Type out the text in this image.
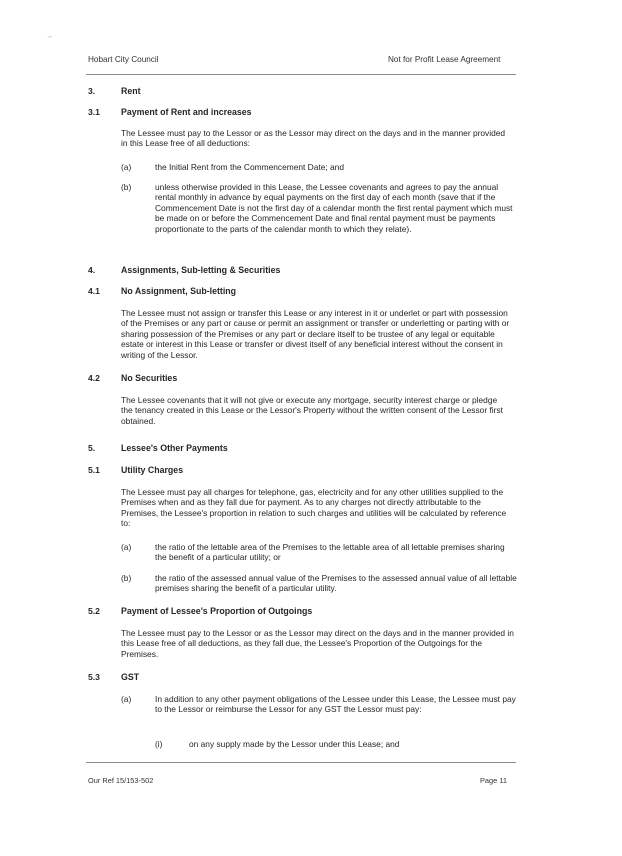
·-
Hobart City Council	Not for Profit Lease Agreement
3.	Rent
3.1 Payment of Rent and increases
The Lessee must pay to the Lessor or as the Lessor may direct on the days and in the manner provided in this Lease free of all deductions:
(a)	the Initial Rent from the Commencement Date; and
(b)	unless otherwise provided in this Lease, the Lessee covenants and agrees to pay the annual rental monthly in advance by equal payments on the first day of each month (save that if the Commencement Date is not the first day of a calendar month the first rental payment which must be made on or before the Commencement Date and final rental payment must be payments proportionate to the parts of the calendar month to which they relate).
4.	Assignments, Sub-letting & Securities
4.1 No Assignment, Sub-letting
The Lessee must not assign or transfer this Lease or any interest in it or underlet or part with possession of the Premises or any part or cause or permit an assignment or transfer or underletting or parting with or sharing possession of the Premises or any part or declare itself to be trustee of any legal or equitable estate or interest in this Lease or transfer or divest itself of any beneficial interest without the consent in writing of the Lessor.
4.2 No Securities
The Lessee covenants that it will not give or execute any mortgage, security interest charge or pledge the tenancy created in this Lease or the Lessor's Property without the written consent of the Lessor first obtained.
5.	Lessee's Other Payments
5.1 Utility Charges
The Lessee must pay all charges for telephone, gas, electricity and for any other utilities supplied to the Premises when and as they fall due for payment. As to any charges not directly attributable to the Premises, the Lessee's proportion in relation to such charges and utilities will be calculated by reference to:
(a)	the ratio of the lettable area of the Premises to the lettable area of all lettable premises sharing the benefit of a particular utility; or
(b)	the ratio of the assessed annual value of the Premises to the assessed annual value of all lettable premises sharing the benefit of a particular utility.
5.2 Payment of Lessee's Proportion of Outgoings
The Lessee must pay to the Lessor or as the Lessor may direct on the days and in the manner provided in this Lease free of all deductions, as they fall due, the Lessee's Proportion of the Outgoings for the Premises.
5.3 GST
(a)	In addition to any other payment obligations of the Lessee under this Lease, the Lessee must pay to the Lessor or reimburse the Lessor for any GST the Lessor must pay:
(i)	on any supply made by the Lessor under this Lease; and
Our Ref 15/153-502	Page 11
